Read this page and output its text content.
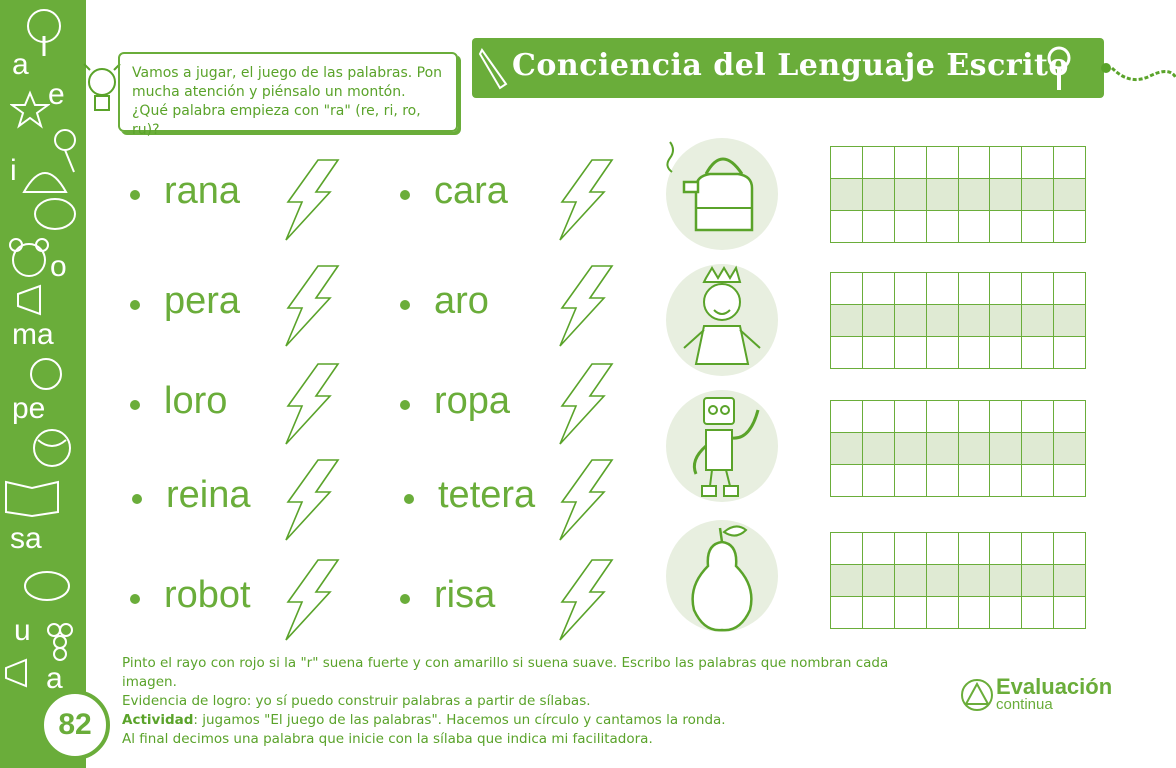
a
e
i
o
ma
pe
sa
u
a
82
Vamos a jugar, el juego de las palabras. Pon
mucha atención y piénsalo un montón.
¿Qué palabra empieza con "ra" (re, ri, ro, ru)?
Conciencia del Lenguaje Escrito
rana
pera
loro
reina
robot
cara
aro
ropa
tetera
risa

Pinto el rayo con rojo si la "r" suena fuerte y con amarillo si suena suave. Escribo las palabras que nombran cada imagen.
Evidencia de logro: yo sí puedo construir palabras a partir de sílabas.
Actividad: jugamos "El juego de las palabras". Hacemos un círculo y cantamos la ronda.
Al final decimos una palabra que inicie con la sílaba que indica mi facilitadora.
Evaluación
continua
